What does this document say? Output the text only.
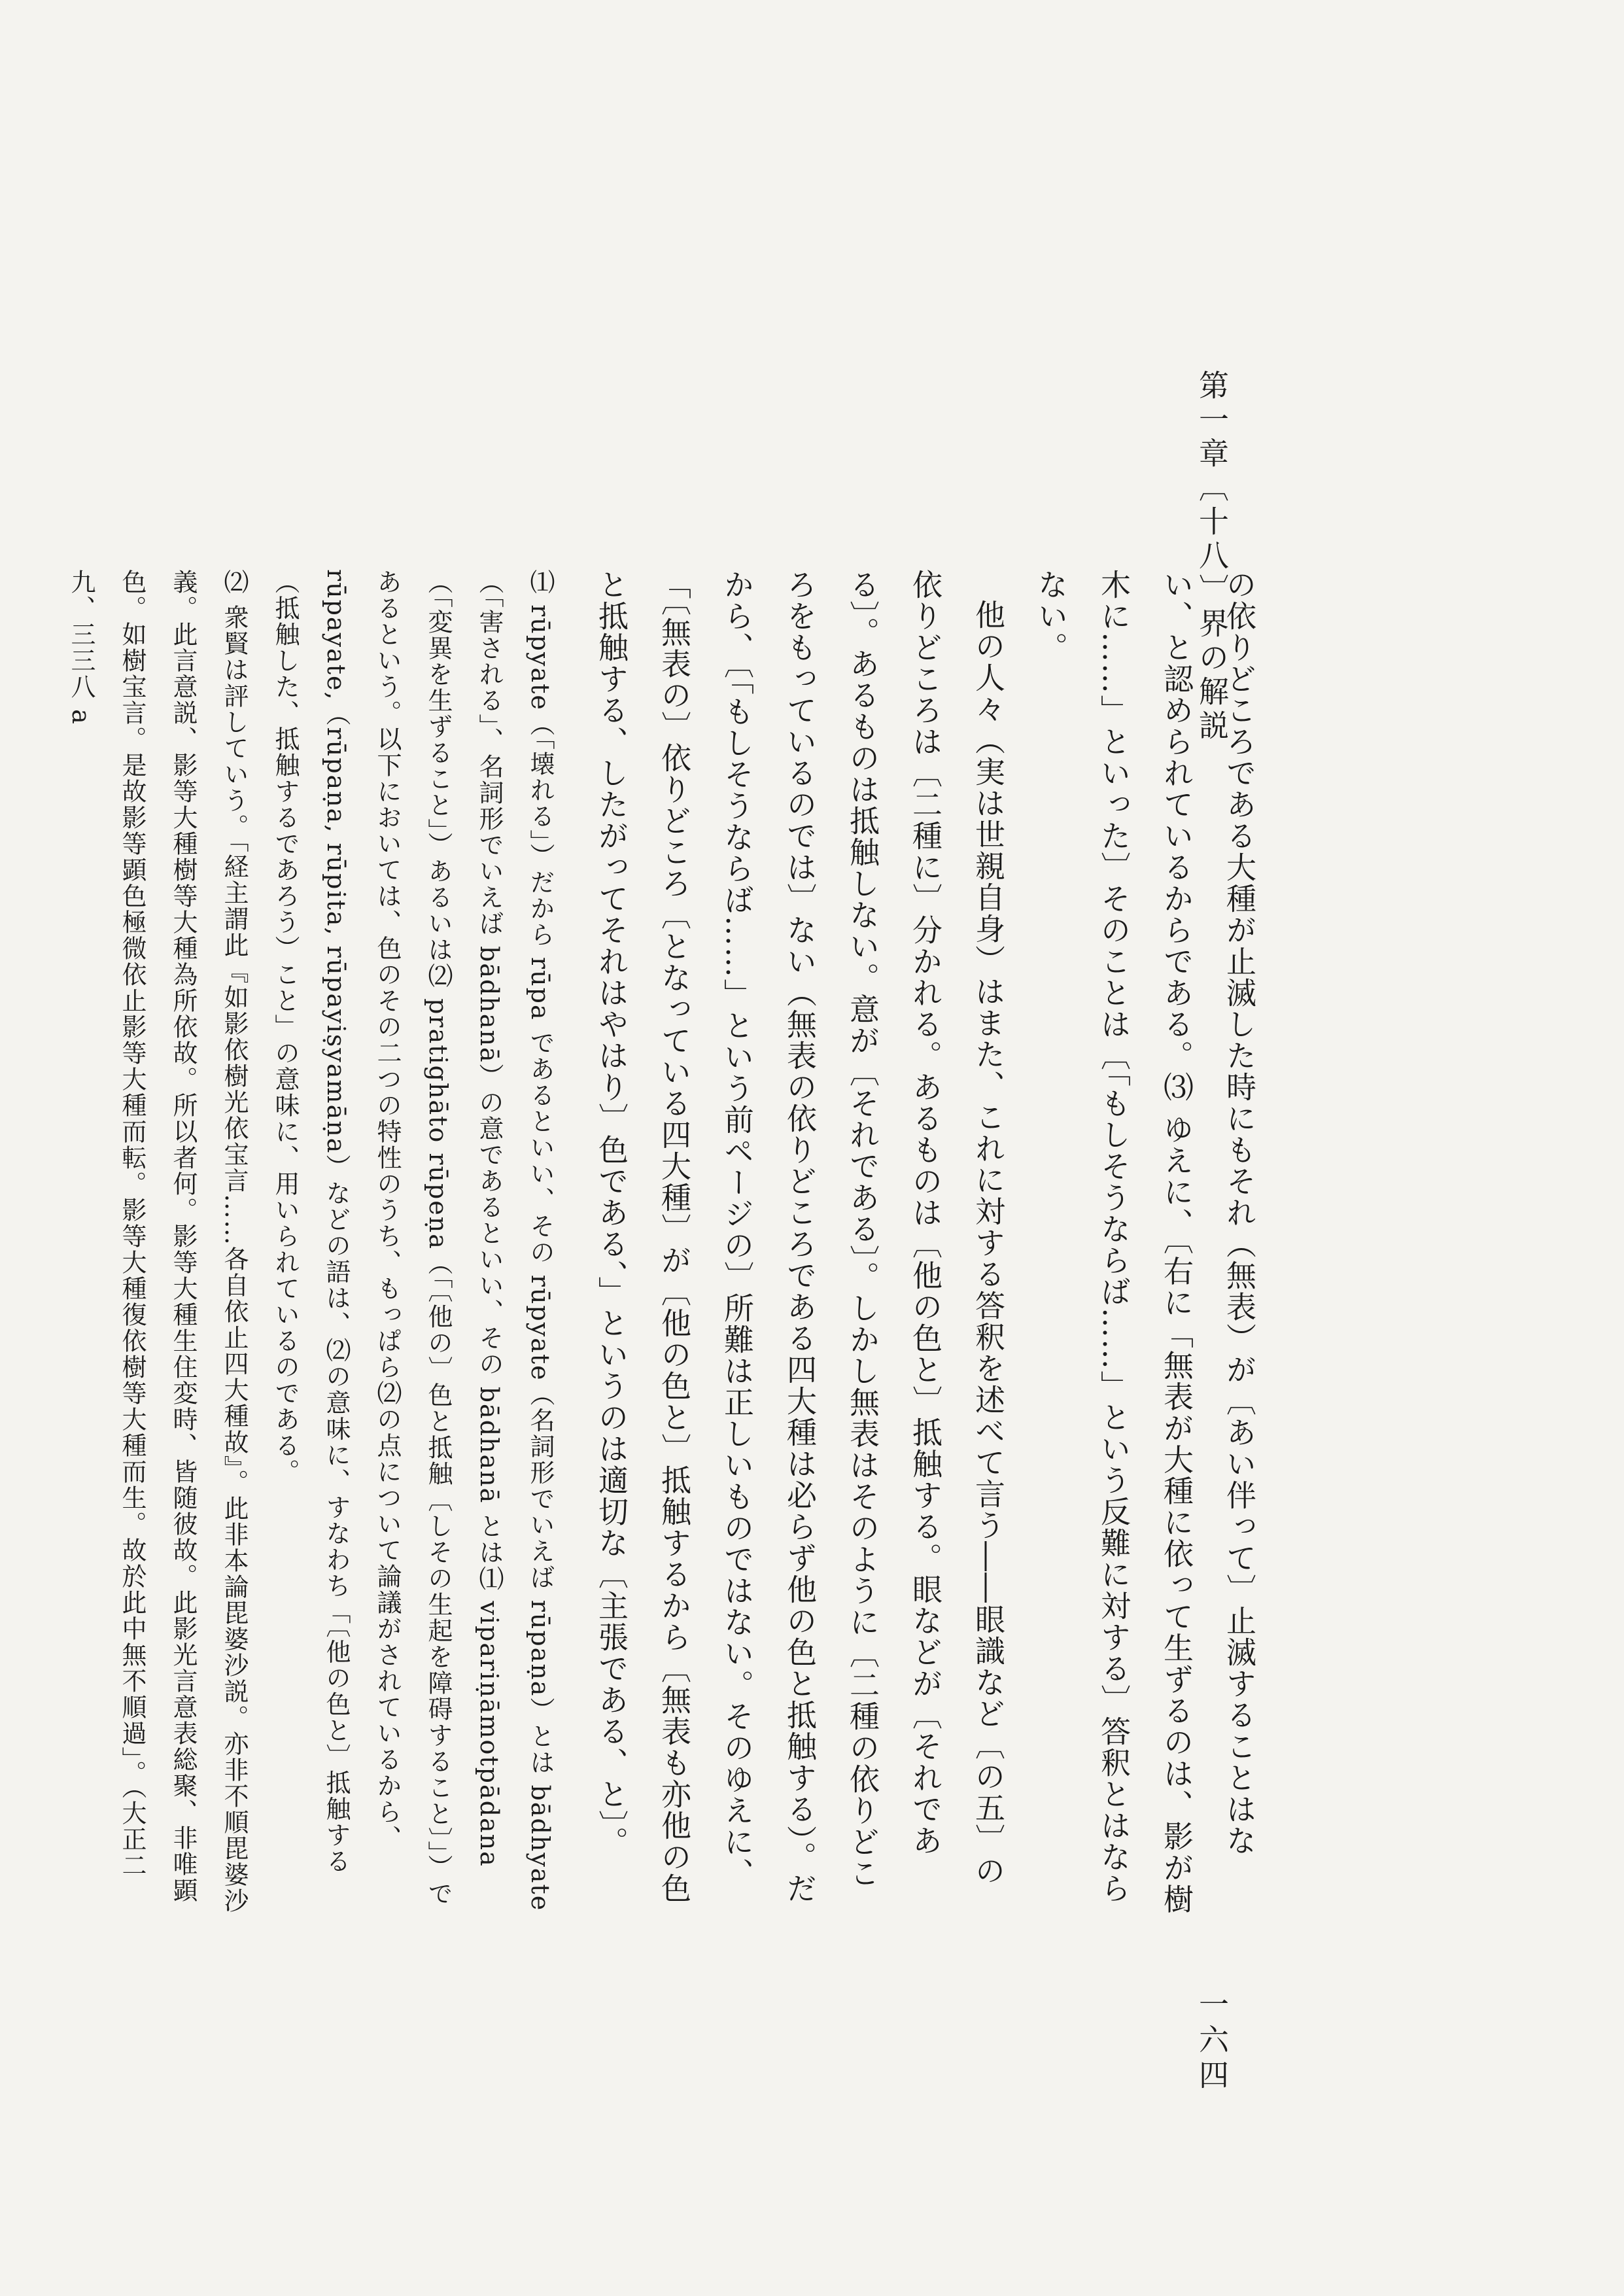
第一章〔十八〕界の解説

の依りどころである大種が止滅した時にもそれ（無表）が〔あい伴って〕止滅することはない、と認められているからである。⑶ ゆえに、〔右に「無表が大種に依って生ずるのは、影が樹木に……」といった〕そのことは〔「もしそうならば……」という反難に対する〕答釈とはならない。

他の人々（実は世親自身）はまた、これに対する答釈を述べて言う――眼識など〔の五〕の依りどころは〔二種に〕分かれる。あるものは〔他の色と〕抵触する。眼などが〔それである〕。あるものは抵触しない。意が〔それである〕。しかし無表はそのように〔二種の依りどころをもっているのでは〕ない（無表の依りどころである四大種は必らず他の色と抵触する）。だから、〔「もしそうならば……」という前ページの〕所難は正しいものではない。そのゆえに、「〔無表の〕依りどころ〔となっている四大種〕が〔他の色と〕抵触するから〔無表も亦他の色と抵触する、したがってそれはやはり〕色である、」というのは適切な〔主張である、と〕。

⑴ rūpyate（「壊れる」）だから rūpa であるといい、その rūpyate（名詞形でいえば rūpaṇa）とは bādhyate（「害される」、名詞形でいえば bādhanā）の意であるといい、その bādhanā とは⑴ vipariṇāmotpādana（「変異を生ずること」）あるいは⑵ pratighāto rūpeṇa（「〔他の〕色と抵触〔しその生起を障碍すること〕」）であるという。以下においては、色のその二つの特性のうち、もっぱら⑵の点について論議がされているから、rūpayate,（rūpaṇa, rūpita, rūpayiṣyamāṇa）などの語は、⑵の意味に、すなわち「〔他の色と〕抵触する（抵触した、抵触するであろう）こと」の意味に、用いられているのである。

⑵ 衆賢は評していう。「経主謂此『如影依樹光依宝言……各自依止四大種故』。此非本論毘婆沙説。亦非不順毘婆沙義。此言意説、影等大種樹等大種為所依故。所以者何。影等大種生住変時、皆随彼故。此影光言意表総聚、非唯顕色。如樹宝言。是故影等顕色極微依止影等大種而転。影等大種復依樹等大種而生。故於此中無不順過」。（大正二九、三三八 a

一六四
